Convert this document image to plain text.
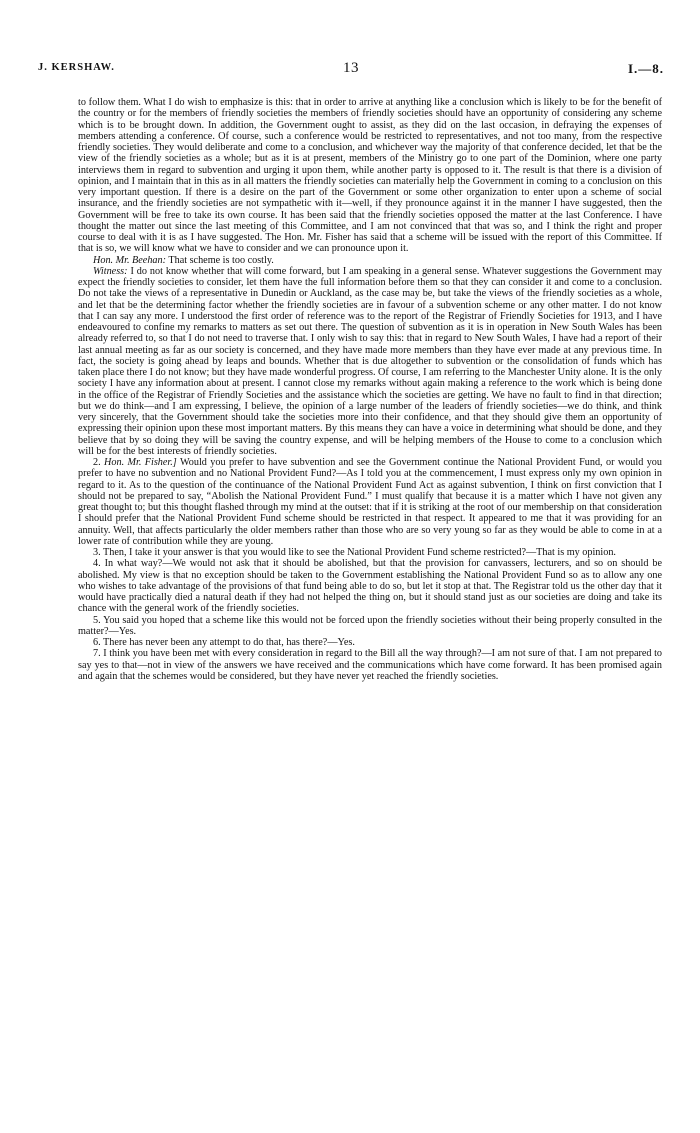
J. KERSHAW.	13	I.—8.

to follow them. What I do wish to emphasize is this: that in order to arrive at anything like a conclusion which is likely to be for the benefit of the country or for the members of friendly societies the members of friendly societies should have an opportunity of considering any scheme which is to be brought down. In addition, the Government ought to assist, as they did on the last occasion, in defraying the expenses of members attending a conference. Of course, such a conference would be restricted to representatives, and not too many, from the respective friendly societies. They would deliberate and come to a conclusion, and whichever way the majority of that conference decided, let that be the view of the friendly societies as a whole; but as it is at present, members of the Ministry go to one part of the Dominion, where one party interviews them in regard to subvention and urging it upon them, while another party is opposed to it. The result is that there is a division of opinion, and I maintain that in this as in all matters the friendly societies can materially help the Government in coming to a conclusion on this very important question. If there is a desire on the part of the Government or some other organization to enter upon a scheme of social insurance, and the friendly societies are not sympathetic with it—well, if they pronounce against it in the manner I have suggested, then the Government will be free to take its own course. It has been said that the friendly societies opposed the matter at the last Conference. I have thought the matter out since the last meeting of this Committee, and I am not convinced that that was so, and I think the right and proper course to deal with it is as I have suggested. The Hon. Mr. Fisher has said that a scheme will be issued with the report of this Committee. If that is so, we will know what we have to consider and we can pronounce upon it.

Hon. Mr. Beehan: That scheme is too costly.

Witness: I do not know whether that will come forward, but I am speaking in a general sense. Whatever suggestions the Government may expect the friendly societies to consider, let them have the full information before them so that they can consider it and come to a conclusion. Do not take the views of a representative in Dunedin or Auckland, as the case may be, but take the views of the friendly societies as a whole, and let that be the determining factor whether the friendly societies are in favour of a subvention scheme or any other matter. I do not know that I can say any more. I understood the first order of reference was to the report of the Registrar of Friendly Societies for 1913, and I have endeavoured to confine my remarks to matters as set out there. The question of subvention as it is in operation in New South Wales has been already referred to, so that I do not need to traverse that. I only wish to say this: that in regard to New South Wales, I have had a report of their last annual meeting as far as our society is concerned, and they have made more members than they have ever made at any previous time. In fact, the society is going ahead by leaps and bounds. Whether that is due altogether to subvention or the consolidation of funds which has taken place there I do not know; but they have made wonderful progress. Of course, I am referring to the Manchester Unity alone. It is the only society I have any information about at present. I cannot close my remarks without again making a reference to the work which is being done in the office of the Registrar of Friendly Societies and the assistance which the societies are getting. We have no fault to find in that direction; but we do think—and I am expressing, I believe, the opinion of a large number of the leaders of friendly societies—we do think, and think very sincerely, that the Government should take the societies more into their confidence, and that they should give them an opportunity of expressing their opinion upon these most important matters. By this means they can have a voice in determining what should be done, and they believe that by so doing they will be saving the country expense, and will be helping members of the House to come to a conclusion which will be for the best interests of friendly societies.

2. Hon. Mr. Fisher.] Would you prefer to have subvention and see the Government continue the National Provident Fund, or would you prefer to have no subvention and no National Provident Fund?—As I told you at the commencement, I must express only my own opinion in regard to it. As to the question of the continuance of the National Provident Fund Act as against subvention, I think on first conviction that I should not be prepared to say, “Abolish the National Provident Fund.” I must qualify that because it is a matter which I have not given any great thought to; but this thought flashed through my mind at the outset: that if it is striking at the root of our membership on that consideration I should prefer that the National Provident Fund scheme should be restricted in that respect. It appeared to me that it was providing for an annuity. Well, that affects particularly the older members rather than those who are so very young so far as they would be able to come in at a lower rate of contribution while they are young.

3. Then, I take it your answer is that you would like to see the National Provident Fund scheme restricted?—That is my opinion.

4. In what way?—We would not ask that it should be abolished, but that the provision for canvassers, lecturers, and so on should be abolished. My view is that no exception should be taken to the Government establishing the National Provident Fund so as to allow any one who wishes to take advantage of the provisions of that fund being able to do so, but let it stop at that. The Registrar told us the other day that it would have practically died a natural death if they had not helped the thing on, but it should stand just as our societies are doing and take its chance with the general work of the friendly societies.

5. You said you hoped that a scheme like this would not be forced upon the friendly societies without their being properly consulted in the matter?—Yes.

6. There has never been any attempt to do that, has there?—Yes.

7. I think you have been met with every consideration in regard to the Bill all the way through?—I am not sure of that. I am not prepared to say yes to that—not in view of the answers we have received and the communications which have come forward. It has been promised again and again that the schemes would be considered, but they have never yet reached the friendly societies.
